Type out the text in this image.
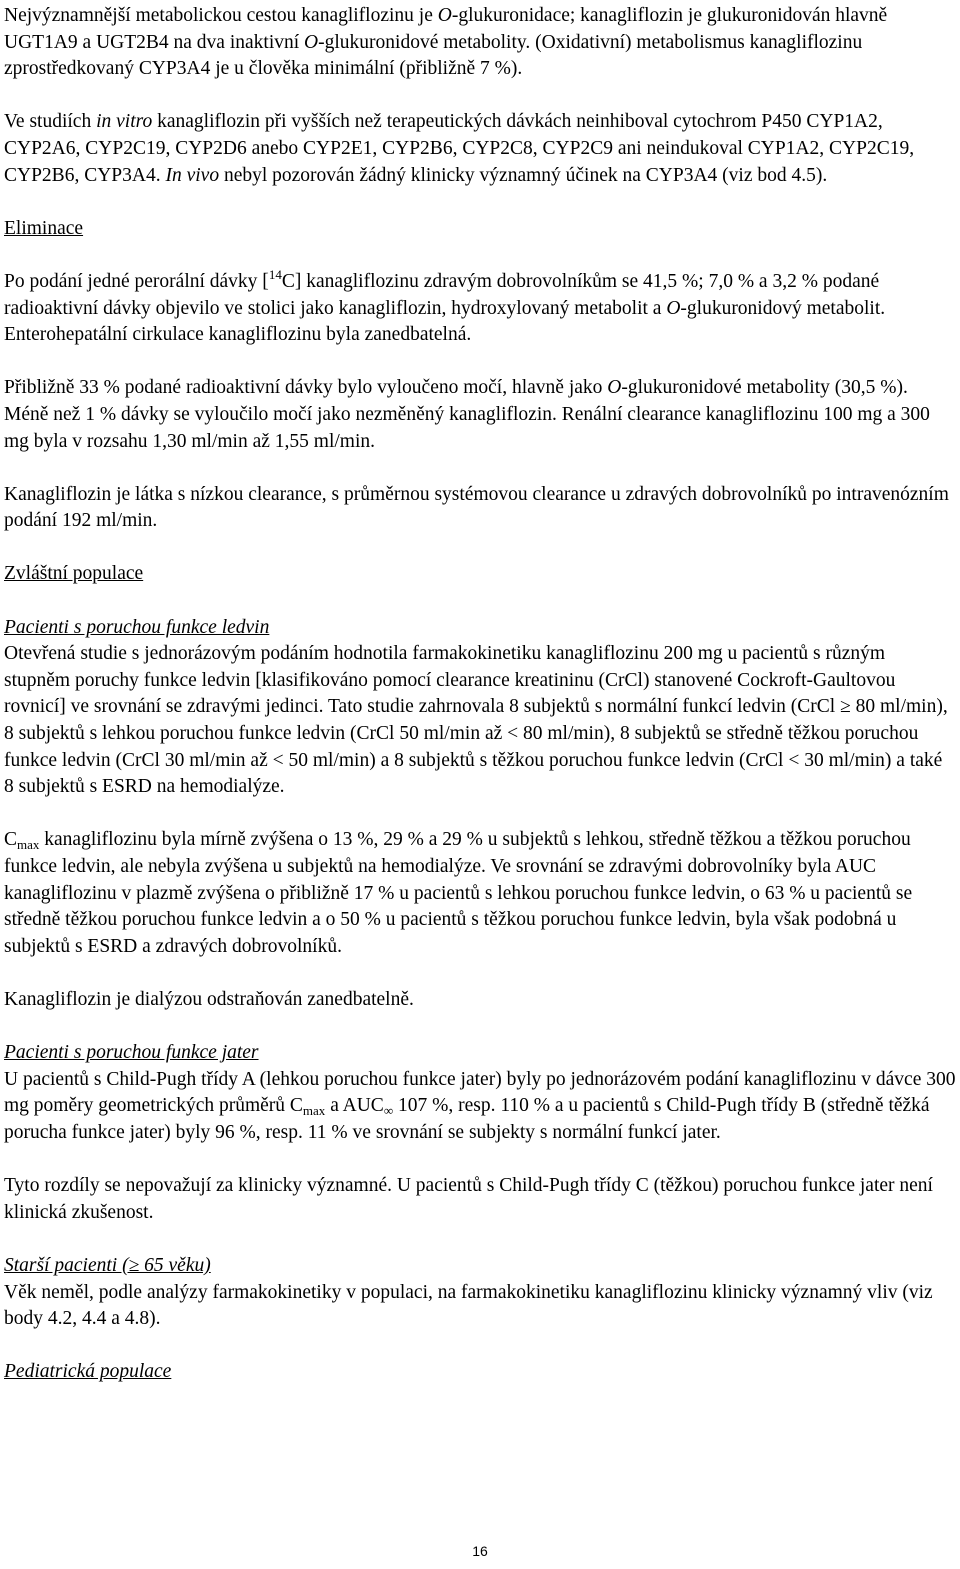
Nejvýznamnější metabolickou cestou kanagliflozinu je O-glukuronidace; kanagliflozin je glukuronidován hlavně UGT1A9 a UGT2B4 na dva inaktivní O-glukuronidové metabolity. (Oxidativní) metabolismus kanagliflozinu zprostředkovaný CYP3A4 je u člověka minimální (přibližně 7 %).

Ve studiích in vitro kanagliflozin při vyšších než terapeutických dávkách neinhiboval cytochrom P450 CYP1A2, CYP2A6, CYP2C19, CYP2D6 anebo CYP2E1, CYP2B6, CYP2C8, CYP2C9 ani neindukoval CYP1A2, CYP2C19, CYP2B6, CYP3A4. In vivo nebyl pozorován žádný klinicky významný účinek na CYP3A4 (viz bod 4.5).

Eliminace

Po podání jedné perorální dávky [$^{14}$C] kanagliflozinu zdravým dobrovolníkům se 41,5 %; 7,0 % a 3,2 % podané radioaktivní dávky objevilo ve stolici jako kanagliflozin, hydroxylovaný metabolit a O-glukuronidový metabolit. Enterohepatální cirkulace kanagliflozinu byla zanedbatelná.

Přibližně 33 % podané radioaktivní dávky bylo vyloučeno močí, hlavně jako O-glukuronidové metabolity (30,5 %). Méně než 1 % dávky se vyloučilo močí jako nezměněný kanagliflozin. Renální clearance kanagliflozinu 100 mg a 300 mg byla v rozsahu 1,30 ml/min až 1,55 ml/min.

Kanagliflozin je látka s nízkou clearance, s průměrnou systémovou clearance u zdravých dobrovolníků po intravenózním podání 192 ml/min.

Zvláštní populace

Pacienti s poruchou funkce ledvin

Otevřená studie s jednorázovým podáním hodnotila farmakokinetiku kanagliflozinu 200 mg u pacientů s různým stupněm poruchy funkce ledvin [klasifikováno pomocí clearance kreatininu (CrCl) stanovené Cockroft-Gaultovou rovnicí] ve srovnání se zdravými jedinci. Tato studie zahrnovala 8 subjektů s normální funkcí ledvin (CrCl ≥ 80 ml/min), 8 subjektů s lehkou poruchou funkce ledvin (CrCl 50 ml/min až < 80 ml/min), 8 subjektů se středně těžkou poruchou funkce ledvin (CrCl 30 ml/min až < 50 ml/min) a 8 subjektů s těžkou poruchou funkce ledvin (CrCl < 30 ml/min) a také 8 subjektů s ESRD na hemodialýze.

$C_{max}$ kanagliflozinu byla mírně zvýšena o 13 %, 29 % a 29 % u subjektů s lehkou, středně těžkou a těžkou poruchou funkce ledvin, ale nebyla zvýšena u subjektů na hemodialýze. Ve srovnání se zdravými dobrovolníky byla AUC kanagliflozinu v plazmě zvýšena o přibližně 17 % u pacientů s lehkou poruchou funkce ledvin, o 63 % u pacientů se středně těžkou poruchou funkce ledvin a o 50 % u pacientů s těžkou poruchou funkce ledvin, byla však podobná u subjektů s ESRD a zdravých dobrovolníků.

Kanagliflozin je dialýzou odstraňován zanedbatelně.

Pacienti s poruchou funkce jater

U pacientů s Child-Pugh třídy A (lehkou poruchou funkce jater) byly po jednorázovém podání kanagliflozinu v dávce 300 mg poměry geometrických průměrů $C_{max}$ a $AUC_\infty$ 107 %, resp. 110 % a u pacientů s Child-Pugh třídy B (středně těžká porucha funkce jater) byly 96 %, resp. 11 % ve srovnání se subjekty s normální funkcí jater.

Tyto rozdíly se nepovažují za klinicky významné. U pacientů s Child-Pugh třídy C (těžkou) poruchou funkce jater není klinická zkušenost.

Starší pacienti (≥ 65 věku)

Věk neměl, podle analýzy farmakokinetiky v populaci, na farmakokinetiku kanagliflozinu klinicky významný vliv (viz body 4.2, 4.4 a 4.8).

Pediatrická populace

16
